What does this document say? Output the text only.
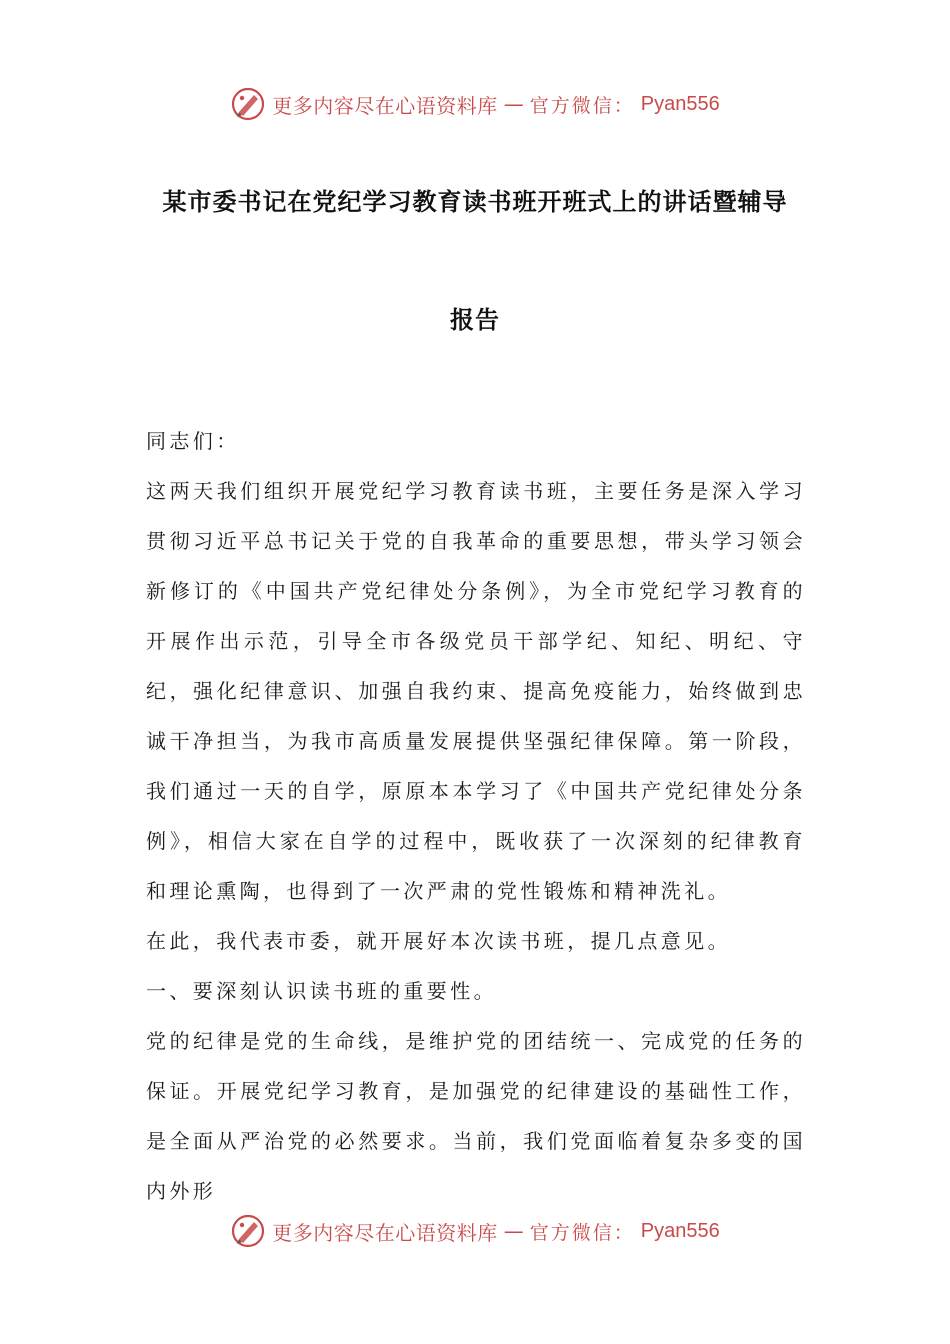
更多内容尽在心语资料库 — 官方微信： Pyan556
某市委书记在党纪学习教育读书班开班式上的讲话暨辅导
报告

同志们：

这两天我们组织开展党纪学习教育读书班，主要任务是深入学习贯彻习近平总书记关于党的自我革命的重要思想，带头学习领会新修订的《中国共产党纪律处分条例》，为全市党纪学习教育的开展作出示范，引导全市各级党员干部学纪、知纪、明纪、守纪，强化纪律意识、加强自我约束、提高免疫能力，始终做到忠诚干净担当，为我市高质量发展提供坚强纪律保障。第一阶段，我们通过一天的自学，原原本本学习了《中国共产党纪律处分条例》，相信大家在自学的过程中，既收获了一次深刻的纪律教育和理论熏陶，也得到了一次严肃的党性锻炼和精神洗礼。

在此，我代表市委，就开展好本次读书班，提几点意见。

一、要深刻认识读书班的重要性。

党的纪律是党的生命线，是维护党的团结统一、完成党的任务的保证。开展党纪学习教育，是加强党的纪律建设的基础性工作，是全面从严治党的必然要求。当前，我们党面临着复杂多变的国内外形

更多内容尽在心语资料库 — 官方微信： Pyan556
